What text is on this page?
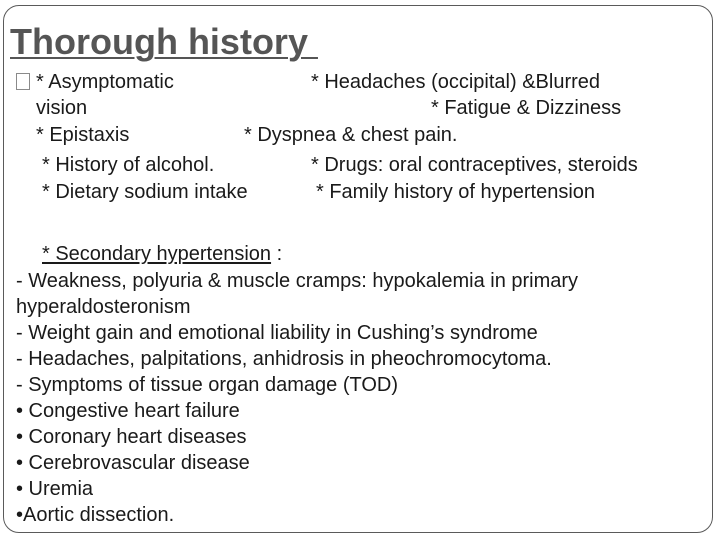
Thorough history
* Asymptomatic	* Headaches (occipital) &Blurred
vision	* Fatigue & Dizziness
* Epistaxis	* Dyspnea & chest pain.
* History of alcohol.	* Drugs: oral contraceptives, steroids
* Dietary sodium intake	* Family history of hypertension
* Secondary hypertension :
- Weakness, polyuria & muscle cramps: hypokalemia in primary
hyperaldosteronism
- Weight gain and emotional liability in Cushing’s syndrome
- Headaches, palpitations, anhidrosis in pheochromocytoma.
- Symptoms of tissue organ damage (TOD)
• Congestive heart failure
• Coronary heart diseases
• Cerebrovascular disease
• Uremia
•Aortic dissection.
